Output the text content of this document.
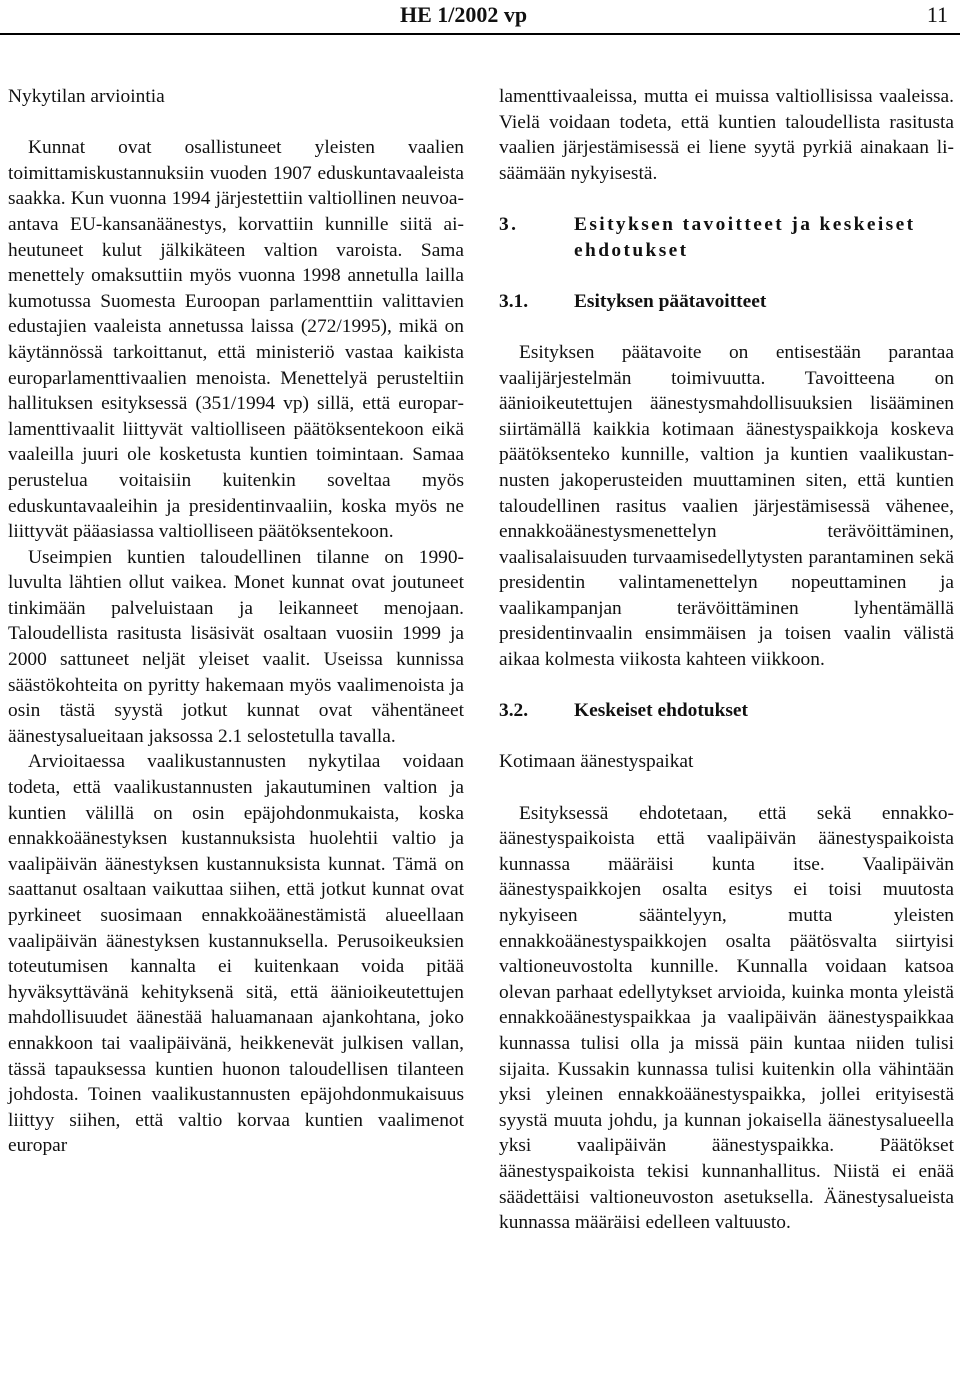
HE 1/2002 vp	11
Nykytilan arviointia

Kunnat ovat osallistuneet yleisten vaalien toimittamiskustannuksiin vuoden 1907 eduskuntavaaleista saakka. Kun vuonna 1994 järjestettiin valtiollinen neuvoa-antava EU-kansanäänestys, korvattiin kunnille siitä aiheutuneet kulut jälkikäteen valtion varoista. Sama menettely omaksuttiin myös vuonna 1998 annetulla lailla kumotussa Suomesta Euroopan parlamenttiin valittavien edustajien vaaleista annetussa laissa (272/1995), mikä on käytännössä tarkoittanut, että ministeriö vastaa kaikista europarlamenttivaalien menoista. Menettelyä perusteltiin hallituksen esityksessä (351/1994 vp) sillä, että europarlamenttivaalit liittyvät valtiolliseen päätöksentekoon eikä vaaleilla juuri ole kosketusta kuntien toimintaan. Samaa perustelua voitaisiin kuitenkin soveltaa myös eduskuntavaaleihin ja presidentinvaaliin, koska myös ne liittyvät pääasiassa valtiolliseen päätöksentekoon.

Useimpien kuntien taloudellinen tilanne on 1990-luvulta lähtien ollut vaikea. Monet kunnat ovat joutuneet tinkimään palveluistaan ja leikanneet menojaan. Taloudellista rasitusta lisäsivät osaltaan vuosiin 1999 ja 2000 sattuneet neljät yleiset vaalit. Useissa kunnissa säästökohteita on pyritty hakemaan myös vaalimenoista ja osin tästä syystä jotkut kunnat ovat vähentäneet äänestysalueitaan jaksossa 2.1 selostetulla tavalla.

Arvioitaessa vaalikustannusten nykytilaa voidaan todeta, että vaalikustannusten jakautuminen valtion ja kuntien välillä on osin epäjohdonmukaista, koska ennakkoäänestyksen kustannuksista huolehtii valtio ja vaalipäivän äänestyksen kustannuksista kunnat. Tämä on saattanut osaltaan vaikuttaa siihen, että jotkut kunnat ovat pyrkineet suosimaan ennakkoäänestämistä alueellaan vaalipäivän äänestyksen kustannuksella. Perusoikeuksien toteutumisen kannalta ei kuitenkaan voida pitää hyväksyttävänä kehityksenä sitä, että äänioikeutettujen mahdollisuudet äänestää haluamanaan ajankohtana, joko ennakkoon tai vaalipäivänä, heikkenevät julkisen vallan, tässä tapauksessa kuntien huonon taloudellisen tilanteen johdosta. Toinen vaalikustannusten epäjohdonmukaisuus liittyy siihen, että valtio korvaa kuntien vaalimenot europar

lamenttivaaleissa, mutta ei muissa valtiollisissa vaaleissa. Vielä voidaan todeta, että kuntien taloudellista rasitusta vaalien järjestämisessä ei liene syytä pyrkiä ainakaan lisäämään nykyisestä.

3.	Esityksen tavoitteet ja keskeiset ehdotukset
3.1.	Esityksen päätavoitteet

Esityksen päätavoite on entisestään parantaa vaalijärjestelmän toimivuutta. Tavoitteena on äänioikeutettujen äänestysmahdollisuuksien lisääminen siirtämällä kaikkia kotimaan äänestyspaikkoja koskeva päätöksenteko kunnille, valtion ja kuntien vaalikustannusten jakoperusteiden muuttaminen siten, että kuntien taloudellinen rasitus vaalien järjestämisessä vähenee, ennakkoäänestysmenettelyn terävöittäminen, vaalisalaisuuden turvaamisedellytysten parantaminen sekä presidentin valintamenettelyn nopeuttaminen ja vaalikampanjan terävöittäminen lyhentämällä presidentinvaalin ensimmäisen ja toisen vaalin välistä aikaa kolmesta viikosta kahteen viikkoon.

3.2.	Keskeiset ehdotukset
Kotimaan äänestyspaikat

Esityksessä ehdotetaan, että sekä ennakkoäänestyspaikoista että vaalipäivän äänestyspaikoista kunnassa määräisi kunta itse. Vaalipäivän äänestyspaikkojen osalta esitys ei toisi muutosta nykyiseen sääntelyyn, mutta yleisten ennakkoäänestyspaikkojen osalta päätösvalta siirtyisi valtioneuvostolta kunnille. Kunnalla voidaan katsoa olevan parhaat edellytykset arvioida, kuinka monta yleistä ennakkoäänestyspaikkaa ja vaalipäivän äänestyspaikkaa kunnassa tulisi olla ja missä päin kuntaa niiden tulisi sijaita. Kussakin kunnassa tulisi kuitenkin olla vähintään yksi yleinen ennakkoäänestyspaikka, jollei erityisestä syystä muuta johdu, ja kunnan jokaisella äänestysalueella yksi vaalipäivän äänestyspaikka. Päätökset äänestyspaikoista tekisi kunnanhallitus. Niistä ei enää säädettäisi valtioneuvoston asetuksella. Äänestysalueista kunnassa määräisi edelleen valtuusto.
